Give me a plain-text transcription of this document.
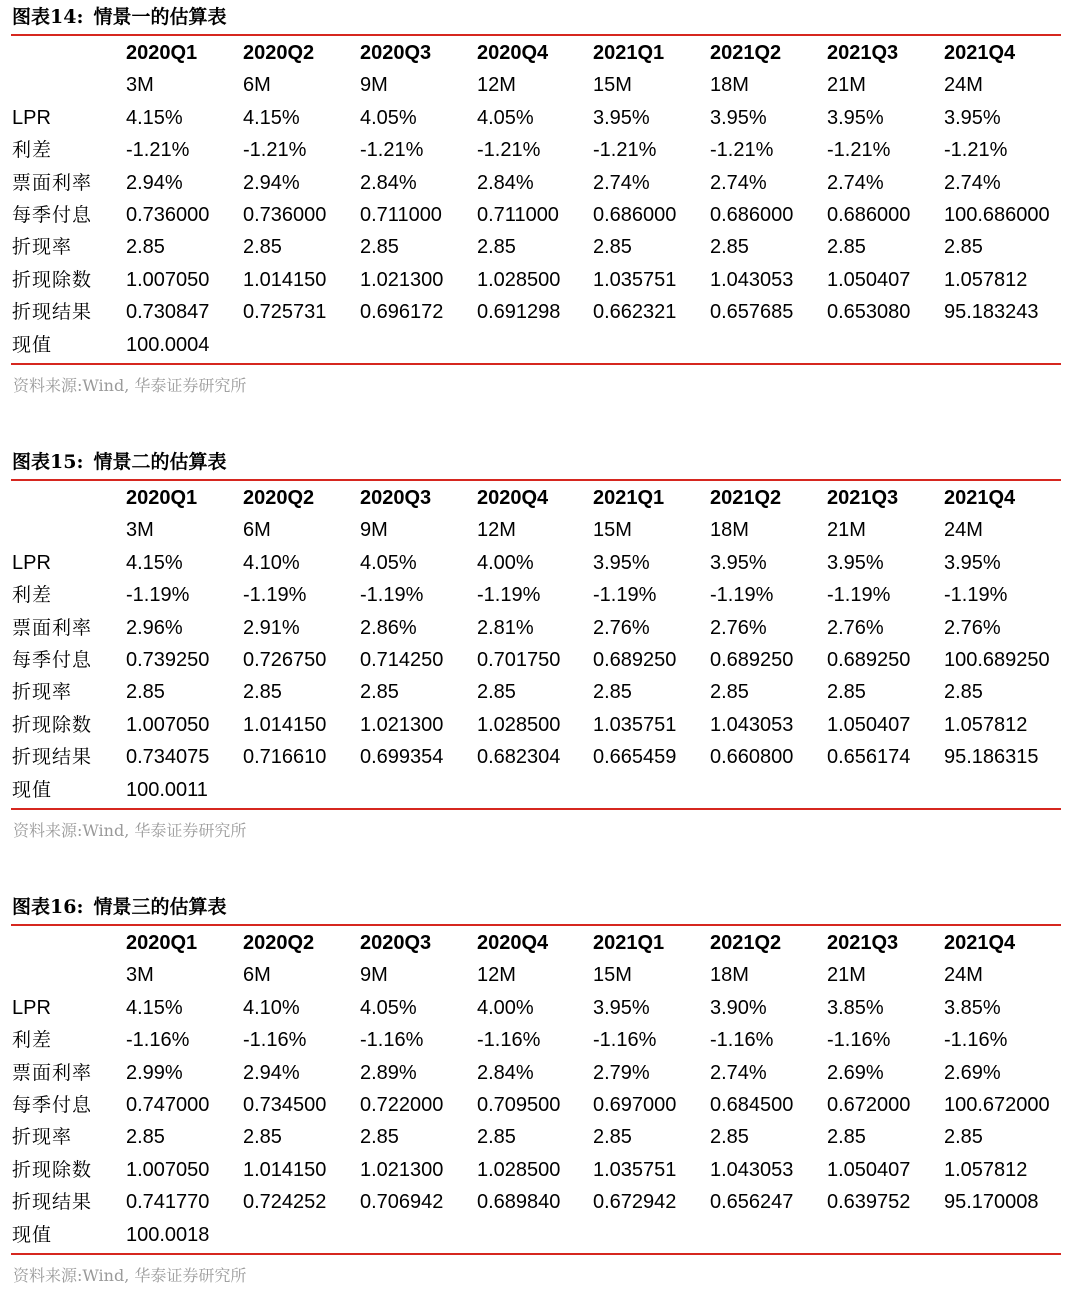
图表14: 情景一的估算表
2020Q1 2020Q2 2020Q3 2020Q4 2021Q1 2021Q2 2021Q3 2021Q4
3M	6M	9M	12M	15M	18M	21M	24M
LPR	4.15%	4.15%	4.05%	4.05%	3.95%	3.95%	3.95%	3.95%
利差	-1.21%	-1.21%	-1.21%	-1.21%	-1.21%	-1.21%	-1.21%	-1.21%
票面利率 2.94%	2.94%	2.84%	2.84%	2.74%	2.74%	2.74%	2.74%
每季付息 0.736000 0.736000 0.711000 0.711000 0.686000 0.686000 0.686000 100.686000
折现率	2.85	2.85	2.85	2.85	2.85	2.85	2.85	2.85
折现除数 1.007050 1.014150 1.021300 1.028500 1.035751 1.043053 1.050407 1.057812
折现结果 0.730847 0.725731 0.696172 0.691298 0.662321 0.657685 0.653080 95.183243
现值	100.0004
资料来源:Wind, 华泰证券研究所
图表15: 情景二的估算表
2020Q1 2020Q2 2020Q3 2020Q4 2021Q1 2021Q2 2021Q3 2021Q4
3M	6M	9M	12M	15M	18M	21M	24M
LPR	4.15%	4.10%	4.05%	4.00%	3.95%	3.95%	3.95%	3.95%
利差	-1.19%	-1.19%	-1.19%	-1.19%	-1.19%	-1.19%	-1.19%	-1.19%
票面利率 2.96%	2.91%	2.86%	2.81%	2.76%	2.76%	2.76%	2.76%
每季付息 0.739250 0.726750 0.714250 0.701750 0.689250 0.689250 0.689250 100.689250
折现率	2.85	2.85	2.85	2.85	2.85	2.85	2.85	2.85
折现除数 1.007050 1.014150 1.021300 1.028500 1.035751 1.043053 1.050407 1.057812
折现结果 0.734075 0.716610 0.699354 0.682304 0.665459 0.660800 0.656174 95.186315
现值	100.0011
资料来源:Wind, 华泰证券研究所
图表16: 情景三的估算表
2020Q1 2020Q2 2020Q3 2020Q4 2021Q1 2021Q2 2021Q3 2021Q4
3M	6M	9M	12M	15M	18M	21M	24M
LPR	4.15%	4.10%	4.05%	4.00%	3.95%	3.90%	3.85%	3.85%
利差	-1.16%	-1.16%	-1.16%	-1.16%	-1.16%	-1.16%	-1.16%	-1.16%
票面利率 2.99%	2.94%	2.89%	2.84%	2.79%	2.74%	2.69%	2.69%
每季付息 0.747000 0.734500 0.722000 0.709500 0.697000 0.684500 0.672000 100.672000
折现率	2.85	2.85	2.85	2.85	2.85	2.85	2.85	2.85
折现除数 1.007050 1.014150 1.021300 1.028500 1.035751 1.043053 1.050407 1.057812
折现结果 0.741770 0.724252 0.706942 0.689840 0.672942 0.656247 0.639752 95.170008
现值	100.0018
资料来源:Wind, 华泰证券研究所
